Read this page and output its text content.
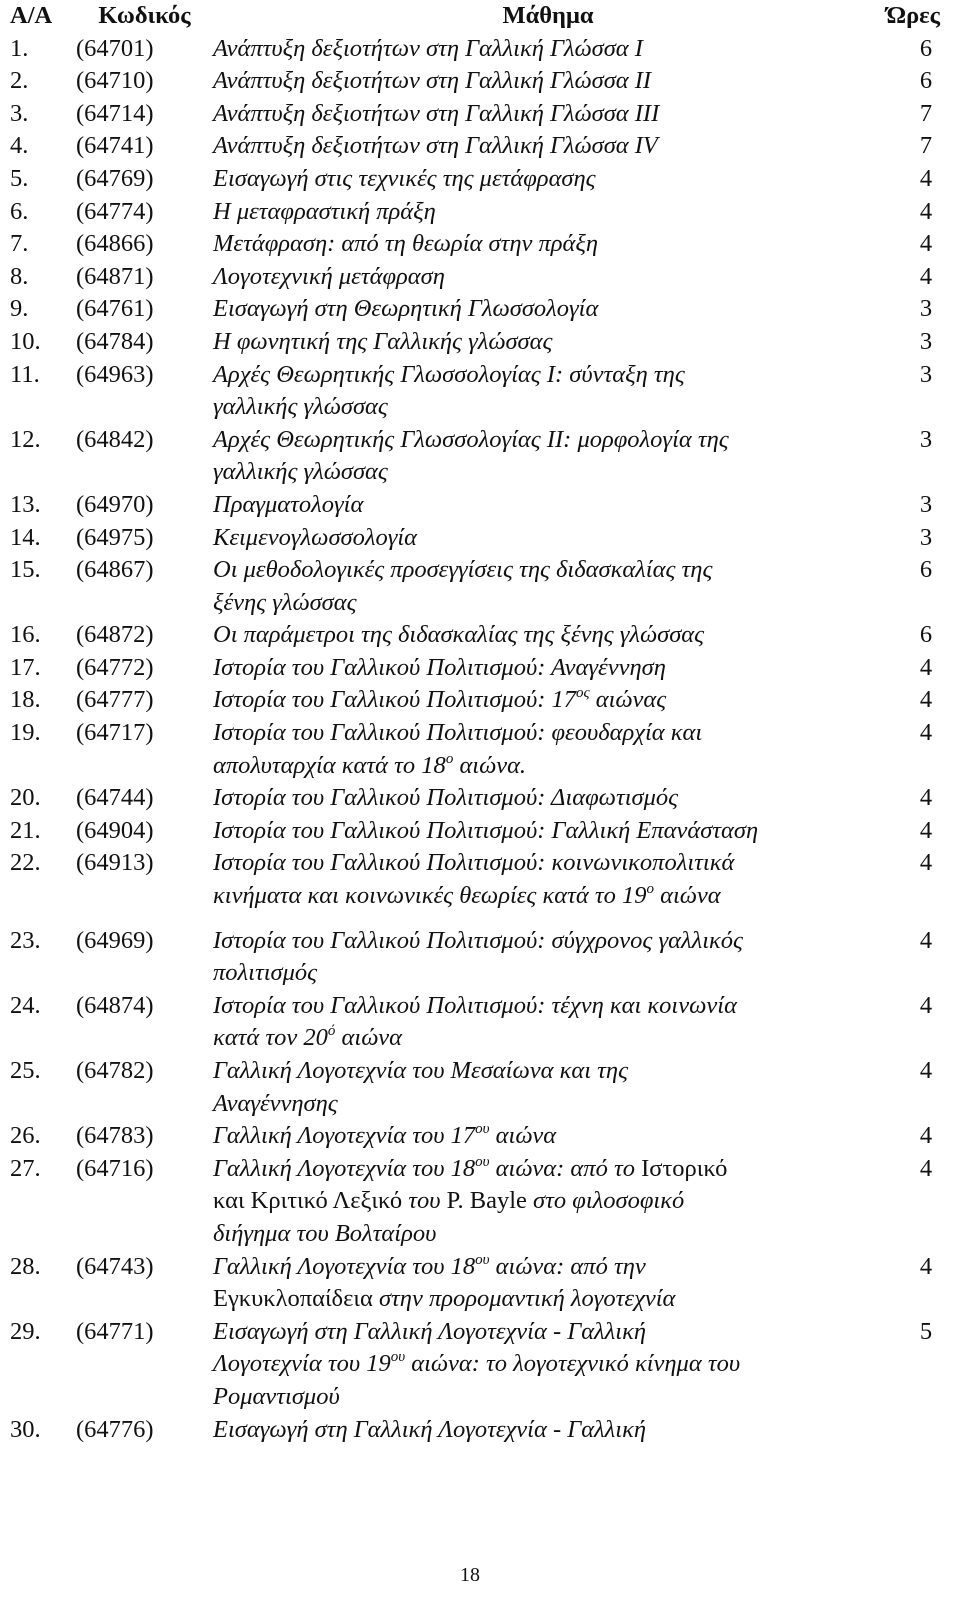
Α/Α	Κωδικός	Μάθημα	Ώρες
1.	(64701)	Ανάπτυξη δεξιοτήτων στη Γαλλική Γλώσσα I	6
2.	(64710)	Ανάπτυξη δεξιοτήτων στη Γαλλική Γλώσσα ΙΙ	6
3.	(64714)	Ανάπτυξη δεξιοτήτων στη Γαλλική Γλώσσα ΙΙΙ	7
4.	(64741)	Ανάπτυξη δεξιοτήτων στη Γαλλική Γλώσσα ΙV	7
5.	(64769)	Εισαγωγή στις τεχνικές της μετάφρασης	4
6.	(64774)	Η μεταφραστική πράξη	4
7.	(64866)	Μετάφραση: από τη θεωρία στην πράξη	4
8.	(64871)	Λογοτεχνική μετάφραση	4
9.	(64761)	Εισαγωγή στη Θεωρητική Γλωσσολογία	3
10.	(64784)	Η φωνητική της Γαλλικής γλώσσας	3
11.	(64963)	Αρχές Θεωρητικής Γλωσσολογίας Ι: σύνταξη της
γαλλικής γλώσσας	3
12.	(64842)	Αρχές Θεωρητικής Γλωσσολογίας ΙΙ: μορφολογία της
γαλλικής γλώσσας	3
13.	(64970)	Πραγματολογία	3
14.	(64975)	Κειμενογλωσσολογία	3
15.	(64867)	Οι μεθοδολογικές προσεγγίσεις της διδασκαλίας της
ξένης γλώσσας	6
16.	(64872)	Οι παράμετροι της διδασκαλίας της ξένης γλώσσας	6
17.	(64772)	Ιστορία του Γαλλικού Πολιτισμού: Αναγέννηση	4
18.	(64777)	Ιστορία του Γαλλικού Πολιτισμού: $17^{o\varsigma}$ αιώνας	4
19.	(64717)	Ιστορία του Γαλλικού Πολιτισμού: φεουδαρχία και
απολυταρχία κατά το $18^o$ αιώνα.	4
20.	(64744)	Ιστορία του Γαλλικού Πολιτισμού: Διαφωτισμός	4
21.	(64904)	Ιστορία του Γαλλικού Πολιτισμού: Γαλλική Επανάσταση	4
22.	(64913)	Ιστορία του Γαλλικού Πολιτισμού: κοινωνικοπολιτικά
κινήματα και κοινωνικές θεωρίες κατά το $19^o$ αιώνα	4
23.	(64969)	Ιστορία του Γαλλικού Πολιτισμού: σύγχρονος γαλλικός
πολιτισμός	4
24.	(64874)	Ιστορία του Γαλλικού Πολιτισμού: τέχνη και κοινωνία
κατά τον $20^ό$ αιώνα	4
25.	(64782)	Γαλλική Λογοτεχνία του Μεσαίωνα και της
Αναγέννησης	4
26.	(64783)	Γαλλική Λογοτεχνία του $17^{o\upsilon}$ αιώνα	4
27.	(64716)	Γαλλική Λογοτεχνία του $18^{o\upsilon}$ αιώνα: από το Ιστορικό
και Κριτικό Λεξικό του P. Bayle στο φιλοσοφικό
διήγημα του Βολταίρου	4
28.	(64743)	Γαλλική Λογοτεχνία του $18^{o\upsilon}$ αιώνα: από την
Εγκυκλοπαίδεια στην προρομαντική λογοτεχνία	4
29.	(64771)	Εισαγωγή στη Γαλλική Λογοτεχνία - Γαλλική
Λογοτεχνία του $19^{o\upsilon}$ αιώνα: το λογοτεχνικό κίνημα του
Ρομαντισμού	5
30.	(64776)	Εισαγωγή στη Γαλλική Λογοτεχνία - Γαλλική	
18
